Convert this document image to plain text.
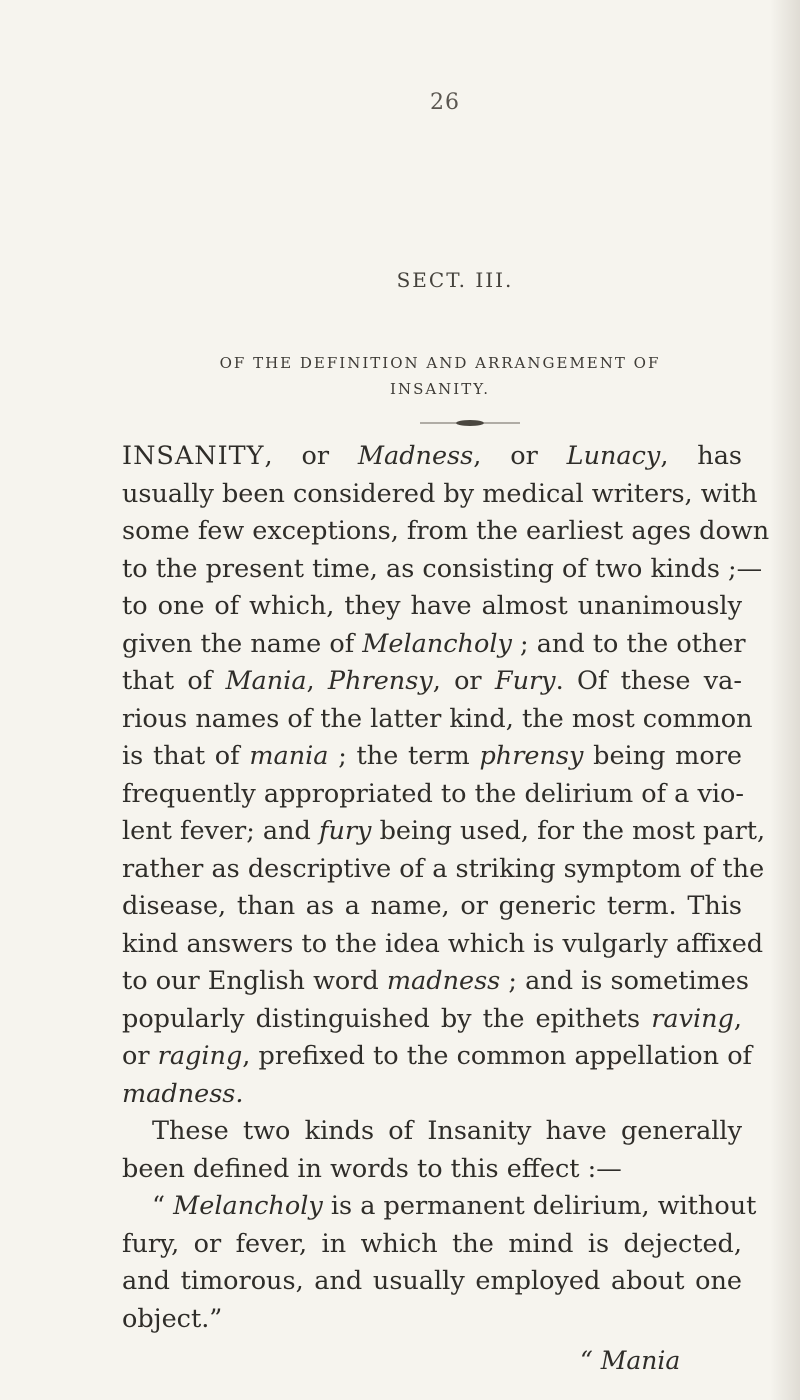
26
SECT. III.
OF THE DEFINITION AND ARRANGEMENT OF
INSANITY.
INSANITY, or Madness, or Lunacy, has
usually been considered by medical writers, with
some few exceptions, from the earliest ages down
to the present time, as consisting of two kinds ;—
to one of which, they have almost unanimously
given the name of Melancholy ; and to the other
that of Mania, Phrensy, or Fury. Of these va-
rious names of the latter kind, the most common
is that of mania ; the term phrensy being more
frequently appropriated to the delirium of a vio-
lent fever; and fury being used, for the most part,
rather as descriptive of a striking symptom of the
disease, than as a name, or generic term. This
kind answers to the idea which is vulgarly affixed
to our English word madness ; and is sometimes
popularly distinguished by the epithets raving,
or raging, prefixed to the common appellation of
madness.
These two kinds of Insanity have generally
been defined in words to this effect :—
“ Melancholy is a permanent delirium, without
fury, or fever, in which the mind is dejected,
and timorous, and usually employed about one
object.”
“ Mania
